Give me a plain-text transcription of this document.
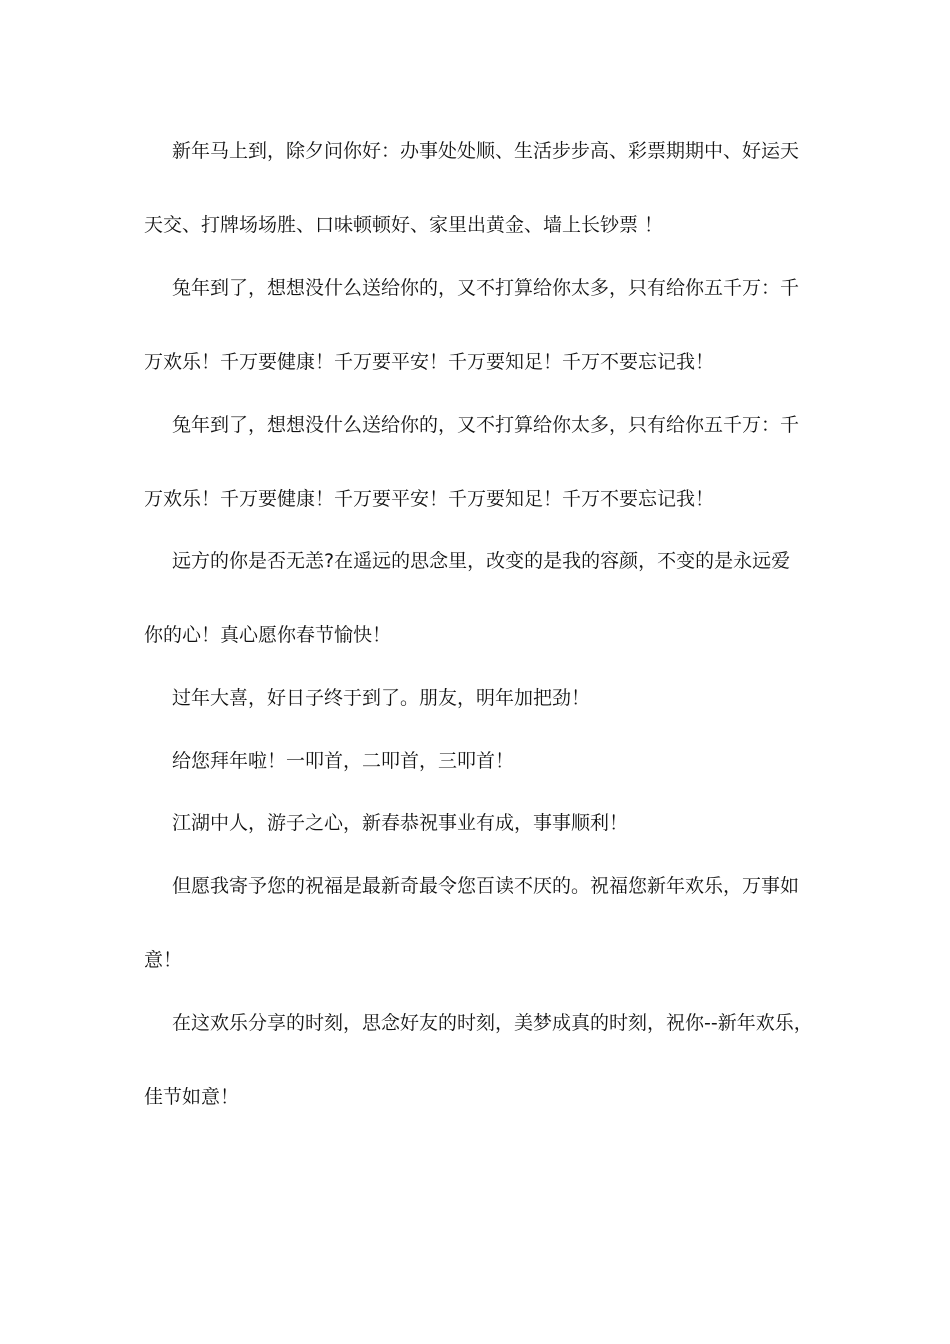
新年马上到，除夕问你好：办事处处顺、生活步步高、彩票期期中、好运天
天交、打牌场场胜、口味顿顿好、家里出黄金、墙上长钞票 ！
兔年到了，想想没什么送给你的，又不打算给你太多，只有给你五千万：千
万欢乐！千万要健康！千万要平安！千万要知足！千万不要忘记我！
兔年到了，想想没什么送给你的，又不打算给你太多，只有给你五千万：千
万欢乐！千万要健康！千万要平安！千万要知足！千万不要忘记我！
远方的你是否无恙?在遥远的思念里，改变的是我的容颜，不变的是永远爱
你的心！真心愿你春节愉快！
过年大喜，好日子终于到了。朋友，明年加把劲！
给您拜年啦！一叩首，二叩首，三叩首！
江湖中人，游子之心，新春恭祝事业有成，事事顺利！
但愿我寄予您的祝福是最新奇最令您百读不厌的。祝福您新年欢乐，万事如
意！
在这欢乐分享的时刻，思念好友的时刻，美梦成真的时刻，祝你--新年欢乐，
佳节如意！
